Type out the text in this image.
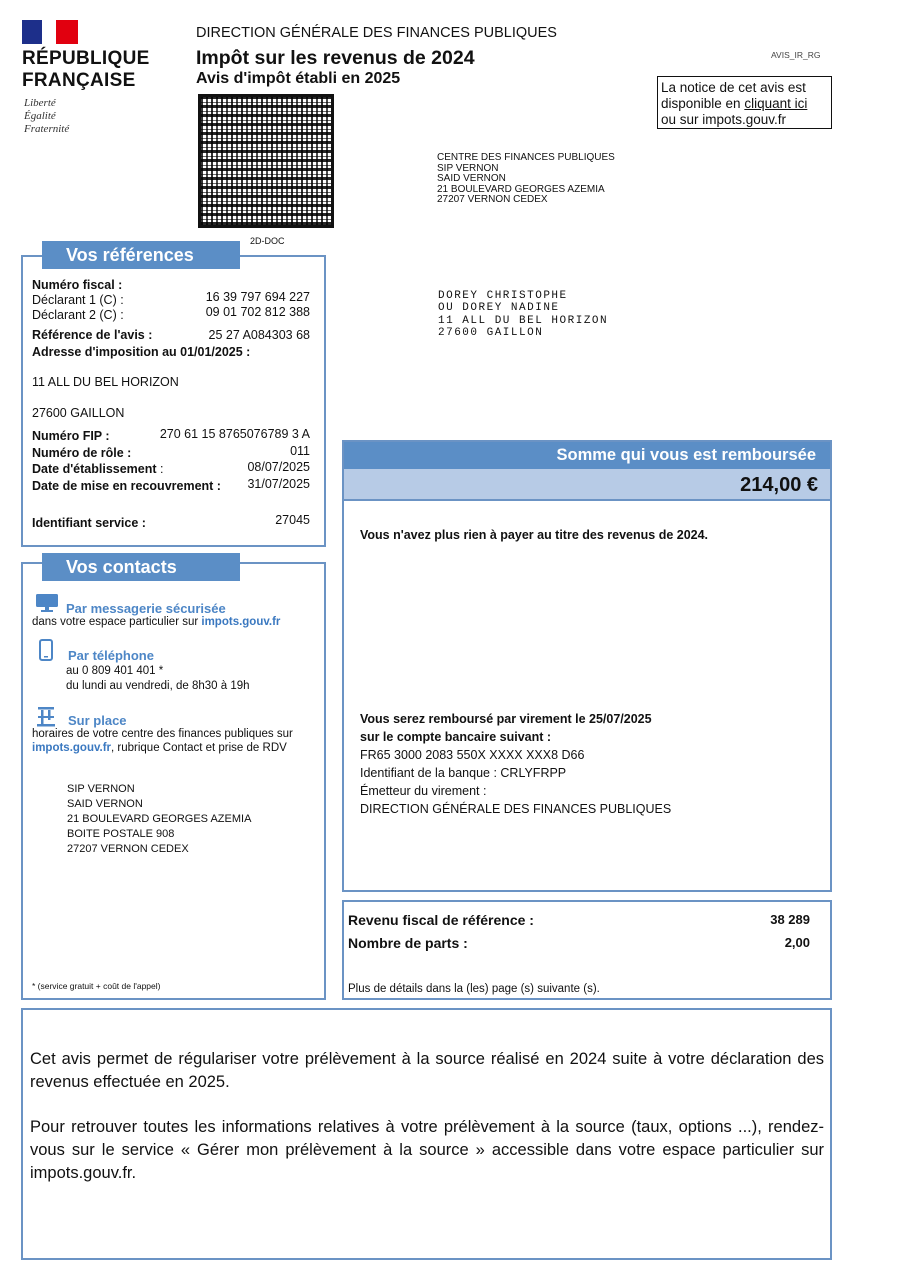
RÉPUBLIQUE
FRANÇAISE
Liberté
Égalité
Fraternité
DIRECTION GÉNÉRALE DES FINANCES PUBLIQUES
Impôt sur les revenus de 2024
Avis d'impôt établi en 2025
AVIS_IR_RG
La notice de cet avis est
disponible en cliquant ici
ou sur impots.gouv.fr
2D-DOC
CENTRE DES FINANCES PUBLIQUES
SIP VERNON
SAID VERNON
21 BOULEVARD GEORGES AZEMIA
27207 VERNON CEDEX
DOREY CHRISTOPHE
OU DOREY NADINE
11 ALL DU BEL HORIZON
27600 GAILLON
Numéro fiscal :
Déclarant 1 (C) :	16 39 797 694 227
Déclarant 2 (C) :	09 01 702 812 388
Référence de l'avis :	25 27 A084303 68
Adresse d'imposition au 01/01/2025 :
11 ALL DU BEL HORIZON
27600 GAILLON
Numéro FIP :	270 61 15 8765076789 3 A
Numéro de rôle :	011
Date d'établissement :	08/07/2025
Date de mise en recouvrement : 31/07/2025
Identifiant service :	27045
Vos références
Par messagerie sécurisée
dans votre espace particulier sur impots.gouv.fr
Par téléphone
au 0 809 401 401 *
du lundi au vendredi, de 8h30 à 19h
Sur place
horaires de votre centre des finances publiques sur
impots.gouv.fr, rubrique Contact et prise de RDV
SIP VERNON
SAID VERNON
21 BOULEVARD GEORGES AZEMIA
BOITE POSTALE 908
27207 VERNON CEDEX
* (service gratuit + coût de l'appel)
Vos contacts
Vous n'avez plus rien à payer au titre des revenus de 2024.
Vous serez remboursé par virement le 25/07/2025
sur le compte bancaire suivant :
FR65 3000 2083 550X XXXX XXX8 D66
Identifiant de la banque : CRLYFRPP
Émetteur du virement :
DIRECTION GÉNÉRALE DES FINANCES PUBLIQUES
Somme qui vous est remboursée
214,00 €
Revenu fiscal de référence :	38 289
Nombre de parts :	2,00
Plus de détails dans la (les) page (s) suivante (s).
Cet avis permet de régulariser votre prélèvement à la source réalisé en 2024 suite à votre déclaration des revenus effectuée en 2025.
Pour retrouver toutes les informations relatives à votre prélèvement à la source (taux, options ...), rendez-vous sur le service « Gérer mon prélèvement à la source » accessible dans votre espace particulier sur impots.gouv.fr.
